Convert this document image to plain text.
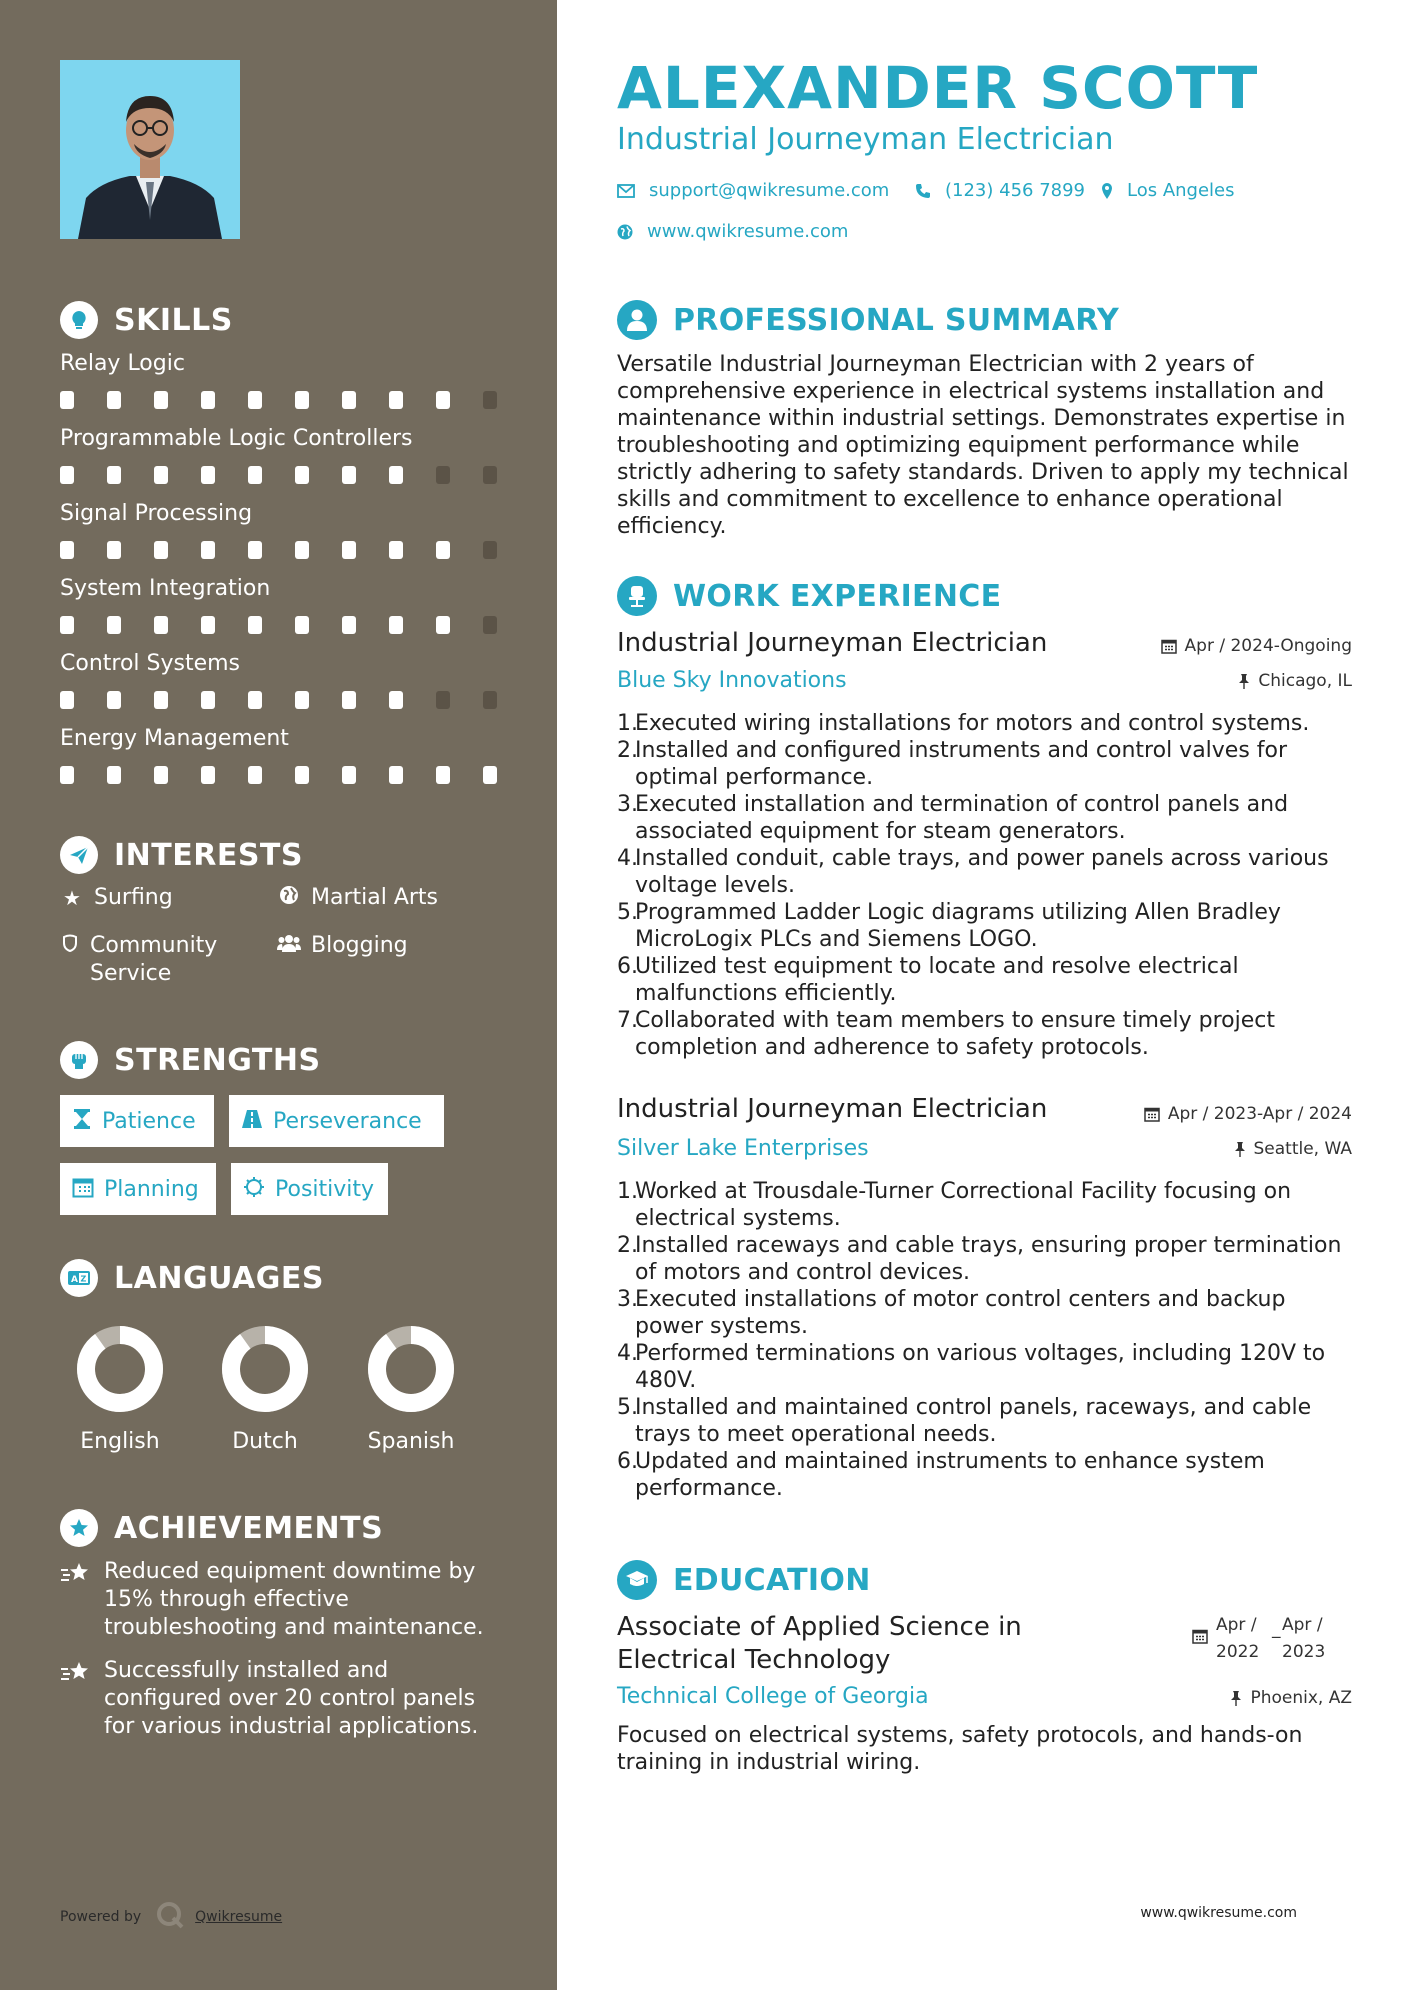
SKILLS
Relay Logic
Programmable Logic Controllers
Signal Processing
System Integration
Control Systems
Energy Management
INTERESTS
★ Surfing	Martial Arts
Community Service
Blogging
STRENGTHS
Patience	Perseverance
Planning	Positivity
A Z LANGUAGES
English	Dutch	Spanish
ACHIEVEMENTS
Reduced equipment downtime by 15% through effective troubleshooting and maintenance.
Successfully installed and configured over 20 control panels for various industrial applications.
Powered by	Qwikresume
ALEXANDER SCOTT
Industrial Journeyman Electrician
support@qwikresume.com	(123) 456 7899 Los Angeles
www.qwikresume.com
PROFESSIONAL SUMMARY
Versatile Industrial Journeyman Electrician with 2 years of comprehensive experience in electrical systems installation and maintenance within industrial settings. Demonstrates expertise in troubleshooting and optimizing equipment performance while strictly adhering to safety standards. Driven to apply my technical skills and commitment to excellence to enhance operational efficiency.
WORK EXPERIENCE
Industrial Journeyman Electrician	Apr / 2024-Ongoing
Blue Sky Innovations	Chicago, IL
1.
Executed wiring installations for motors and control systems.
2.
Installed and configured instruments and control valves for optimal performance.
3.
Executed installation and termination of control panels and associated equipment for steam generators.
4.
Installed conduit, cable trays, and power panels across various voltage levels.
5.
Programmed Ladder Logic diagrams utilizing Allen Bradley MicroLogix PLCs and Siemens LOGO.
6.
Utilized test equipment to locate and resolve electrical malfunctions efficiently.
7.
Collaborated with team members to ensure timely project completion and adherence to safety protocols.
Industrial Journeyman Electrician	Apr / 2023-Apr / 2024
Silver Lake Enterprises	Seattle, WA
1.
Worked at Trousdale-Turner Correctional Facility focusing on electrical systems.
2.
Installed raceways and cable trays, ensuring proper termination of motors and control devices.
3.
Executed installations of motor control centers and backup power systems.
4.
Performed terminations on various voltages, including 120V to 480V.
5.
Installed and maintained control panels, raceways, and cable trays to meet operational needs.
6.
Updated and maintained instruments to enhance system performance.
EDUCATION
Associate of Applied Science in Electrical Technology
Apr /
2022
_ Apr /
2023
Technical College of Georgia	Phoenix, AZ
Focused on electrical systems, safety protocols, and hands-on training in industrial wiring.
www.qwikresume.com
